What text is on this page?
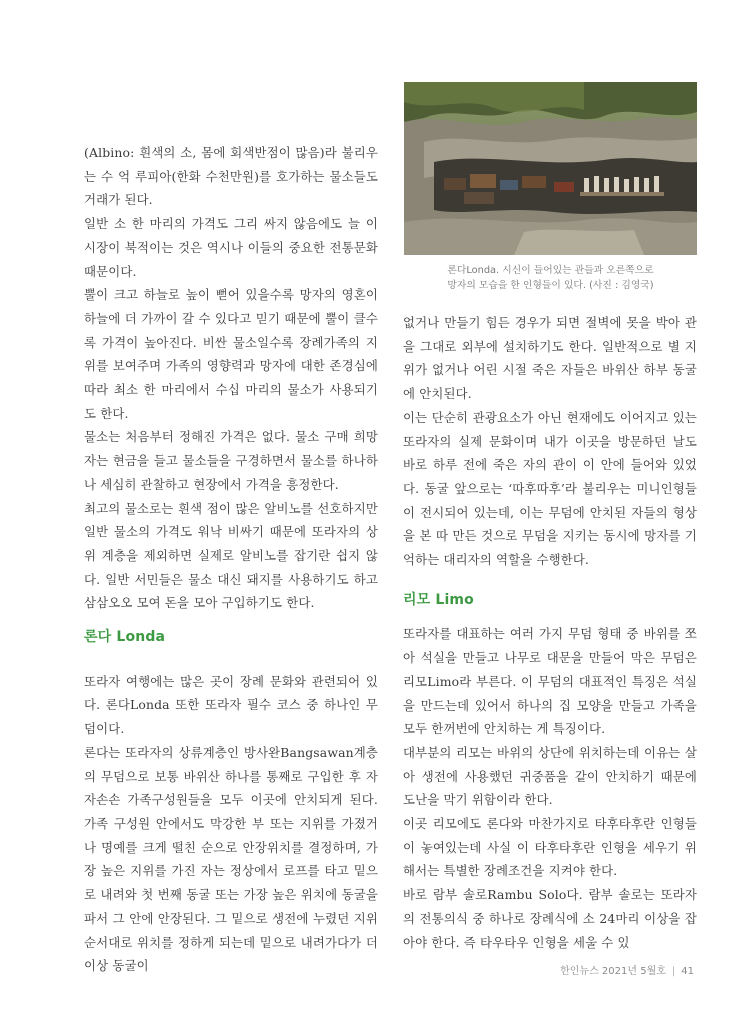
론다Londa. 시신이 들어있는 관들과 오른쪽으로
망자의 모습을 한 인형들이 있다. (사진 : 김영국)

(Albino: 흰색의 소, 몸에 회색반점이 많음)라 불리우는 수 억 루피아(한화 수천만원)를 호가하는 물소들도 거래가 된다.

일반 소 한 마리의 가격도 그리 싸지 않음에도 늘 이 시장이 북적이는 것은 역시나 이들의 중요한 전통문화 때문이다.

뿔이 크고 하늘로 높이 뻗어 있을수록 망자의 영혼이 하늘에 더 가까이 갈 수 있다고 믿기 때문에 뿔이 클수록 가격이 높아진다. 비싼 물소일수록 장례가족의 지위를 보여주며 가족의 영향력과 망자에 대한 존경심에 따라 최소 한 마리에서 수십 마리의 물소가 사용되기도 한다.

물소는 처음부터 정해진 가격은 없다. 물소 구매 희망자는 현금을 들고 물소들을 구경하면서 물소를 하나하나 세심히 관찰하고 현장에서 가격을 흥정한다.

최고의 물소로는 흰색 점이 많은 알비노를 선호하지만 일반 물소의 가격도 워낙 비싸기 때문에 또라자의 상위 계층을 제외하면 실제로 알비노를 잡기란 쉽지 않다. 일반 서민들은 물소 대신 돼지를 사용하기도 하고 삼삼오오 모여 돈을 모아 구입하기도 한다.

론다 Londa

또라자 여행에는 많은 곳이 장례 문화와 관련되어 있다. 론다Londa 또한 또라자 필수 코스 중 하나인 무덤이다.

론다는 또라자의 상류계층인 방사완Bangsawan계층의 무덤으로 보통 바위산 하나를 통째로 구입한 후 자자손손 가족구성원들을 모두 이곳에 안치되게 된다. 가족 구성원 안에서도 막강한 부 또는 지위를 가졌거나 명예를 크게 떨친 순으로 안장위치를 결정하며, 가장 높은 지위를 가진 자는 정상에서 로프를 타고 밑으로 내려와 첫 번째 동굴 또는 가장 높은 위치에 동굴을 파서 그 안에 안장된다. 그 밑으로 생전에 누렸던 지위순서대로 위치를 정하게 되는데 밑으로 내려가다가 더 이상 동굴이

없거나 만들기 힘든 경우가 되면 절벽에 못을 박아 관을 그대로 외부에 설치하기도 한다. 일반적으로 별 지위가 없거나 어린 시절 죽은 자들은 바위산 하부 동굴에 안치된다.

이는 단순히 관광요소가 아닌 현재에도 이어지고 있는 또라자의 실제 문화이며 내가 이곳을 방문하던 날도 바로 하루 전에 죽은 자의 관이 이 안에 들어와 있었다. 동굴 앞으로는 ‘따후따후’라 불리우는 미니인형들이 전시되어 있는데, 이는 무덤에 안치된 자들의 형상을 본 따 만든 것으로 무덤을 지키는 동시에 망자를 기억하는 대리자의 역할을 수행한다.

리모 Limo

또라자를 대표하는 여러 가지 무덤 형태 중 바위를 쪼아 석실을 만들고 나무로 대문을 만들어 막은 무덤은 리모Limo라 부른다. 이 무덤의 대표적인 특징은 석실을 만드는데 있어서 하나의 집 모양을 만들고 가족을 모두 한꺼번에 안치하는 게 특징이다.

대부분의 리모는 바위의 상단에 위치하는데 이유는 살아 생전에 사용했던 귀중품을 같이 안치하기 때문에 도난을 막기 위함이라 한다.

이곳 리모에도 론다와 마찬가지로 타후타후란 인형들이 놓여있는데 사실 이 타후타후란 인형을 세우기 위해서는 특별한 장례조건을 지켜야 한다.

바로 람부 솔로Rambu Solo다. 람부 솔로는 또라자의 전통의식 중 하나로 장례식에 소 24마리 이상을 잡아야 한다. 즉 타우타우 인형을 세울 수 있

한인뉴스 2021년 5월호 | 41
